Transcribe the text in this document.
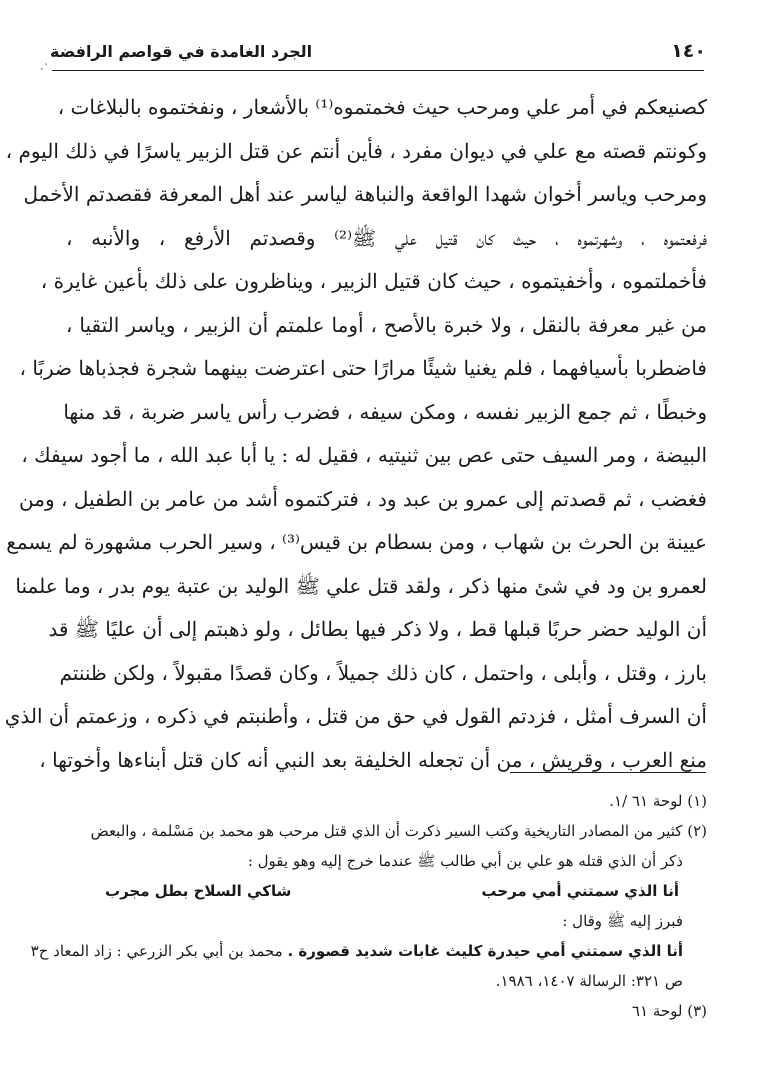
١٤٠
الجرد الغامدة في قواصم الرافضة
·`
كصنيعكم في أمر علي ومرحب حيث فخمتموه⁽¹⁾ بالأشعار ، ونفختموه بالبلاغات ،
وكونتم قصته مع علي في ديوان مفرد ، فأين أنتم عن قتل الزبير ياسرًا في ذلك اليوم ،
ومرحب وياسر أخوان شهدا الواقعة والنباهة لياسر عند أهل المعرفة فقصدتم الأخمل
فرفعتموه ، وشهرتموه ، حيث كان قتيل علي ﷺ⁽²⁾ وقصدتم الأرفع ، والأنبه ،
فأخملتموه ، وأخفيتموه ، حيث كان قتيل الزبير ، ويناظرون على ذلك بأعين غايرة ،
من غير معرفة بالنقل ، ولا خبرة بالأصح ، أوما علمتم أن الزبير ، وياسر التقيا ،
فاضطربا بأسيافهما ، فلم يغنيا شيئًا مرارًا حتى اعترضت بينهما شجرة فجذباها ضربًا ،
وخبطًا ، ثم جمع الزبير نفسه ، ومكن سيفه ، فضرب رأس ياسر ضربة ، قد منها
البيضة ، ومر السيف حتى عص بين ثنيتيه ، فقيل له : يا أبا عبد الله ، ما أجود سيفك ،
فغضب ، ثم قصدتم إلى عمرو بن عبد ود ، فتركتموه أشد من عامر بن الطفيل ، ومن
عيينة بن الحرث بن شهاب ، ومن بسطام بن قيس⁽³⁾ ، وسير الحرب مشهورة لم يسمع
لعمرو بن ود في شئ منها ذكر ، ولقد قتل علي ﷺ الوليد بن عتبة يوم بدر ، وما علمنا
أن الوليد حضر حربًا قبلها قط ، ولا ذكر فيها بطائل ، ولو ذهبتم إلى أن عليًا ﷺ قد
بارز ، وقتل ، وأبلى ، واحتمل ، كان ذلك جميلاً ، وكان قصدًا مقبولاً ، ولكن ظننتم
أن السرف أمثل ، فزدتم القول في حق من قتل ، وأطنبتم في ذكره ، وزعمتم أن الذي
منع العرب ، وقريش ، من أن تجعله الخليفة بعد النبي أنه كان قتل أبناءها وأخوتها ،
(١) لوحة ٦١ /١.
(٢) كثير من المصادر التاريخية وكتب السير ذكرت أن الذي قتل مرحب هو محمد بن مَسْلمة ، والبعض
ذكر أن الذي قتله هو علي بن أبي طالب ﷺ عندما خرج إليه وهو يقول :
أنا الذي سمتني أمي مرحب
شاكي السلاح بطل مجرب
فبرز إليه ﷺ وقال :
أنا الذي سمتني أمي حيدرة كليث غابات شديد قصورة . محمد بن أبي بكر الزرعي : زاد المعاد ح٣
ص ٣٢١: الرسالة ١٤٠٧، ١٩٨٦.
(٣) لوحة ٦١
